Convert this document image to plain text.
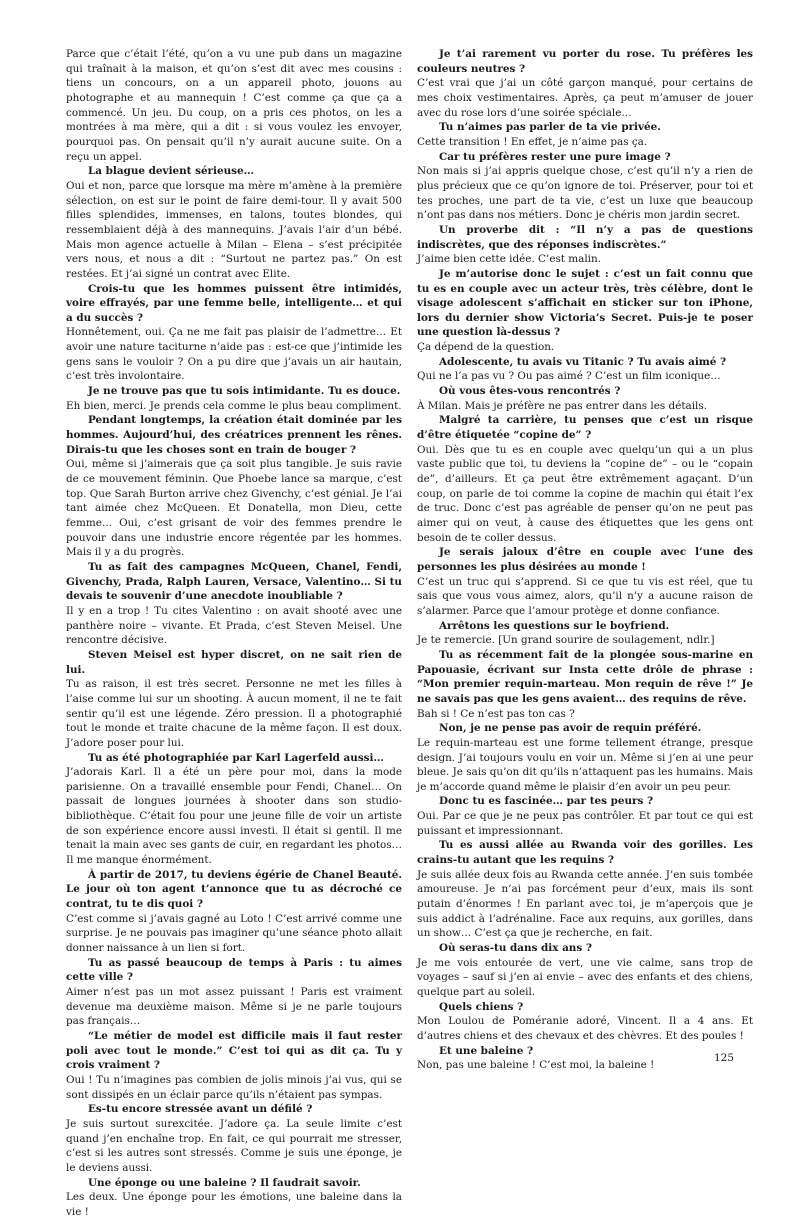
Parce que c’était l’été, qu’on a vu une pub dans un magazine qui traînait à la maison, et qu’on s’est dit avec mes cousins : tiens un concours, on a un appareil photo, jouons au photographe et au mannequin ! C’est comme ça que ça a commencé. Un jeu. Du coup, on a pris ces photos, on les a montrées à ma mère, qui a dit : si vous voulez les envoyer, pourquoi pas. On pensait qu’il n’y aurait aucune suite. On a reçu un appel.

La blague devient sérieuse…

Oui et non, parce que lorsque ma mère m’amène à la première sélection, on est sur le point de faire demi-tour. Il y avait 500 filles splendides, immenses, en talons, toutes blondes, qui ressemblaient déjà à des mannequins. J’avais l’air d’un bébé. Mais mon agence actuelle à Milan – Elena – s’est précipitée vers nous, et nous a dit : “Surtout ne partez pas.” On est restées. Et j’ai signé un contrat avec Elite.

Crois-tu que les hommes puissent être intimidés, voire effrayés, par une femme belle, intelligente… et qui a du succès ?

Honnêtement, oui. Ça ne me fait pas plaisir de l’admettre… Et avoir une nature taciturne n’aide pas : est-ce que j’intimide les gens sans le vouloir ? On a pu dire que j’avais un air hautain, c’est très involontaire.

Je ne trouve pas que tu sois intimidante. Tu es douce.

Eh bien, merci. Je prends cela comme le plus beau compliment.

Pendant longtemps, la création était dominée par les hommes. Aujourd’hui, des créatrices prennent les rênes. Dirais-tu que les choses sont en train de bouger ?

Oui, même si j’aimerais que ça soit plus tangible. Je suis ravie de ce mouvement féminin. Que Phoebe lance sa marque, c’est top. Que Sarah Burton arrive chez Givenchy, c’est génial. Je l’ai tant aimée chez McQueen. Et Donatella, mon Dieu, cette femme… Oui, c’est grisant de voir des femmes prendre le pouvoir dans une industrie encore régentée par les hommes. Mais il y a du progrès.

Tu as fait des campagnes McQueen, Chanel, Fendi, Givenchy, Prada, Ralph Lauren, Versace, Valentino… Si tu devais te souvenir d’une anecdote inoubliable ?

Il y en a trop ! Tu cites Valentino : on avait shooté avec une panthère noire – vivante. Et Prada, c’est Steven Meisel. Une rencontre décisive.

Steven Meisel est hyper discret, on ne sait rien de lui.

Tu as raison, il est très secret. Personne ne met les filles à l’aise comme lui sur un shooting. À aucun moment, il ne te fait sentir qu’il est une légende. Zéro pression. Il a photographié tout le monde et traite chacune de la même façon. Il est doux. J’adore poser pour lui.

Tu as été photographiée par Karl Lagerfeld aussi…

J’adorais Karl. Il a été un père pour moi, dans la mode parisienne. On a travaillé ensemble pour Fendi, Chanel… On passait de longues journées à shooter dans son studio-bibliothèque. C’était fou pour une jeune fille de voir un artiste de son expérience encore aussi investi. Il était si gentil. Il me tenait la main avec ses gants de cuir, en regardant les photos… Il me manque énormément.

À partir de 2017, tu deviens égérie de Chanel Beauté. Le jour où ton agent t’annonce que tu as décroché ce contrat, tu te dis quoi ?

C’est comme si j’avais gagné au Loto ! C’est arrivé comme une surprise. Je ne pouvais pas imaginer qu’une séance photo allait donner naissance à un lien si fort.

Tu as passé beaucoup de temps à Paris : tu aimes cette ville ?

Aimer n’est pas un mot assez puissant ! Paris est vraiment devenue ma deuxième maison. Même si je ne parle toujours pas français…

“Le métier de model est difficile mais il faut rester poli avec tout le monde.” C’est toi qui as dit ça. Tu y crois vraiment ?

Oui ! Tu n’imagines pas combien de jolis minois j’ai vus, qui se sont dissipés en un éclair parce qu’ils n’étaient pas sympas.

Es-tu encore stressée avant un défilé ?

Je suis surtout surexcitée. J’adore ça. La seule limite c’est quand j’en enchaîne trop. En fait, ce qui pourrait me stresser, c’est si les autres sont stressés. Comme je suis une éponge, je le deviens aussi.

Une éponge ou une baleine ? Il faudrait savoir.

Les deux. Une éponge pour les émotions, une baleine dans la vie !

Je t’ai rarement vu porter du rose. Tu préfères les couleurs neutres ?

C’est vrai que j’ai un côté garçon manqué, pour certains de mes choix vestimentaires. Après, ça peut m’amuser de jouer avec du rose lors d’une soirée spéciale…

Tu n’aimes pas parler de ta vie privée.

Cette transition ! En effet, je n’aime pas ça.

Car tu préfères rester une pure image ?

Non mais si j’ai appris quelque chose, c’est qu’il n’y a rien de plus précieux que ce qu’on ignore de toi. Préserver, pour toi et tes proches, une part de ta vie, c’est un luxe que beaucoup n’ont pas dans nos métiers. Donc je chéris mon jardin secret.

Un proverbe dit : “Il n’y a pas de questions indiscrètes, que des réponses indiscrètes.”

J’aime bien cette idée. C’est malin.

Je m’autorise donc le sujet : c’est un fait connu que tu es en couple avec un acteur très, très célèbre, dont le visage adolescent s’affichait en sticker sur ton iPhone, lors du dernier show Victoria’s Secret. Puis-je te poser une question là-dessus ?

Ça dépend de la question.

Adolescente, tu avais vu Titanic ? Tu avais aimé ?

Qui ne l’a pas vu ? Ou pas aimé ? C’est un film iconique…

Où vous êtes-vous rencontrés ?

À Milan. Mais je préfère ne pas entrer dans les détails.

Malgré ta carrière, tu penses que c’est un risque d’être étiquetée “copine de” ?

Oui. Dès que tu es en couple avec quelqu’un qui a un plus vaste public que toi, tu deviens la “copine de” – ou le “copain de”, d’ailleurs. Et ça peut être extrêmement agaçant. D’un coup, on parle de toi comme la copine de machin qui était l’ex de truc. Donc c’est pas agréable de penser qu’on ne peut pas aimer qui on veut, à cause des étiquettes que les gens ont besoin de te coller dessus.

Je serais jaloux d’être en couple avec l’une des personnes les plus désirées au monde !

C’est un truc qui s’apprend. Si ce que tu vis est réel, que tu sais que vous vous aimez, alors, qu’il n’y a aucune raison de s’alarmer. Parce que l’amour protège et donne confiance.

Arrêtons les questions sur le boyfriend.

Je te remercie. [Un grand sourire de soulagement, ndlr.]

Tu as récemment fait de la plongée sous-marine en Papouasie, écrivant sur Insta cette drôle de phrase : “Mon premier requin-marteau. Mon requin de rêve !” Je ne savais pas que les gens avaient… des requins de rêve.

Bah si ! Ce n’est pas ton cas ?

Non, je ne pense pas avoir de requin préféré.

Le requin-marteau est une forme tellement étrange, presque design. J’ai toujours voulu en voir un. Même si j’en ai une peur bleue. Je sais qu’on dit qu’ils n’attaquent pas les humains. Mais je m’accorde quand même le plaisir d’en avoir un peu peur.

Donc tu es fascinée… par tes peurs ?

Oui. Par ce que je ne peux pas contrôler. Et par tout ce qui est puissant et impressionnant.

Tu es aussi allée au Rwanda voir des gorilles. Les crains-tu autant que les requins ?

Je suis allée deux fois au Rwanda cette année. J’en suis tombée amoureuse. Je n’ai pas forcément peur d’eux, mais ils sont putain d’énormes ! En parlant avec toi, je m’aperçois que je suis addict à l’adrénaline. Face aux requins, aux gorilles, dans un show… C’est ça que je recherche, en fait.

Où seras-tu dans dix ans ?

Je me vois entourée de vert, une vie calme, sans trop de voyages – sauf si j’en ai envie – avec des enfants et des chiens, quelque part au soleil.

Quels chiens ?

Mon Loulou de Poméranie adoré, Vincent. Il a 4 ans. Et d’autres chiens et des chevaux et des chèvres. Et des poules !

Et une baleine ?

Non, pas une baleine ! C’est moi, la baleine !

125
